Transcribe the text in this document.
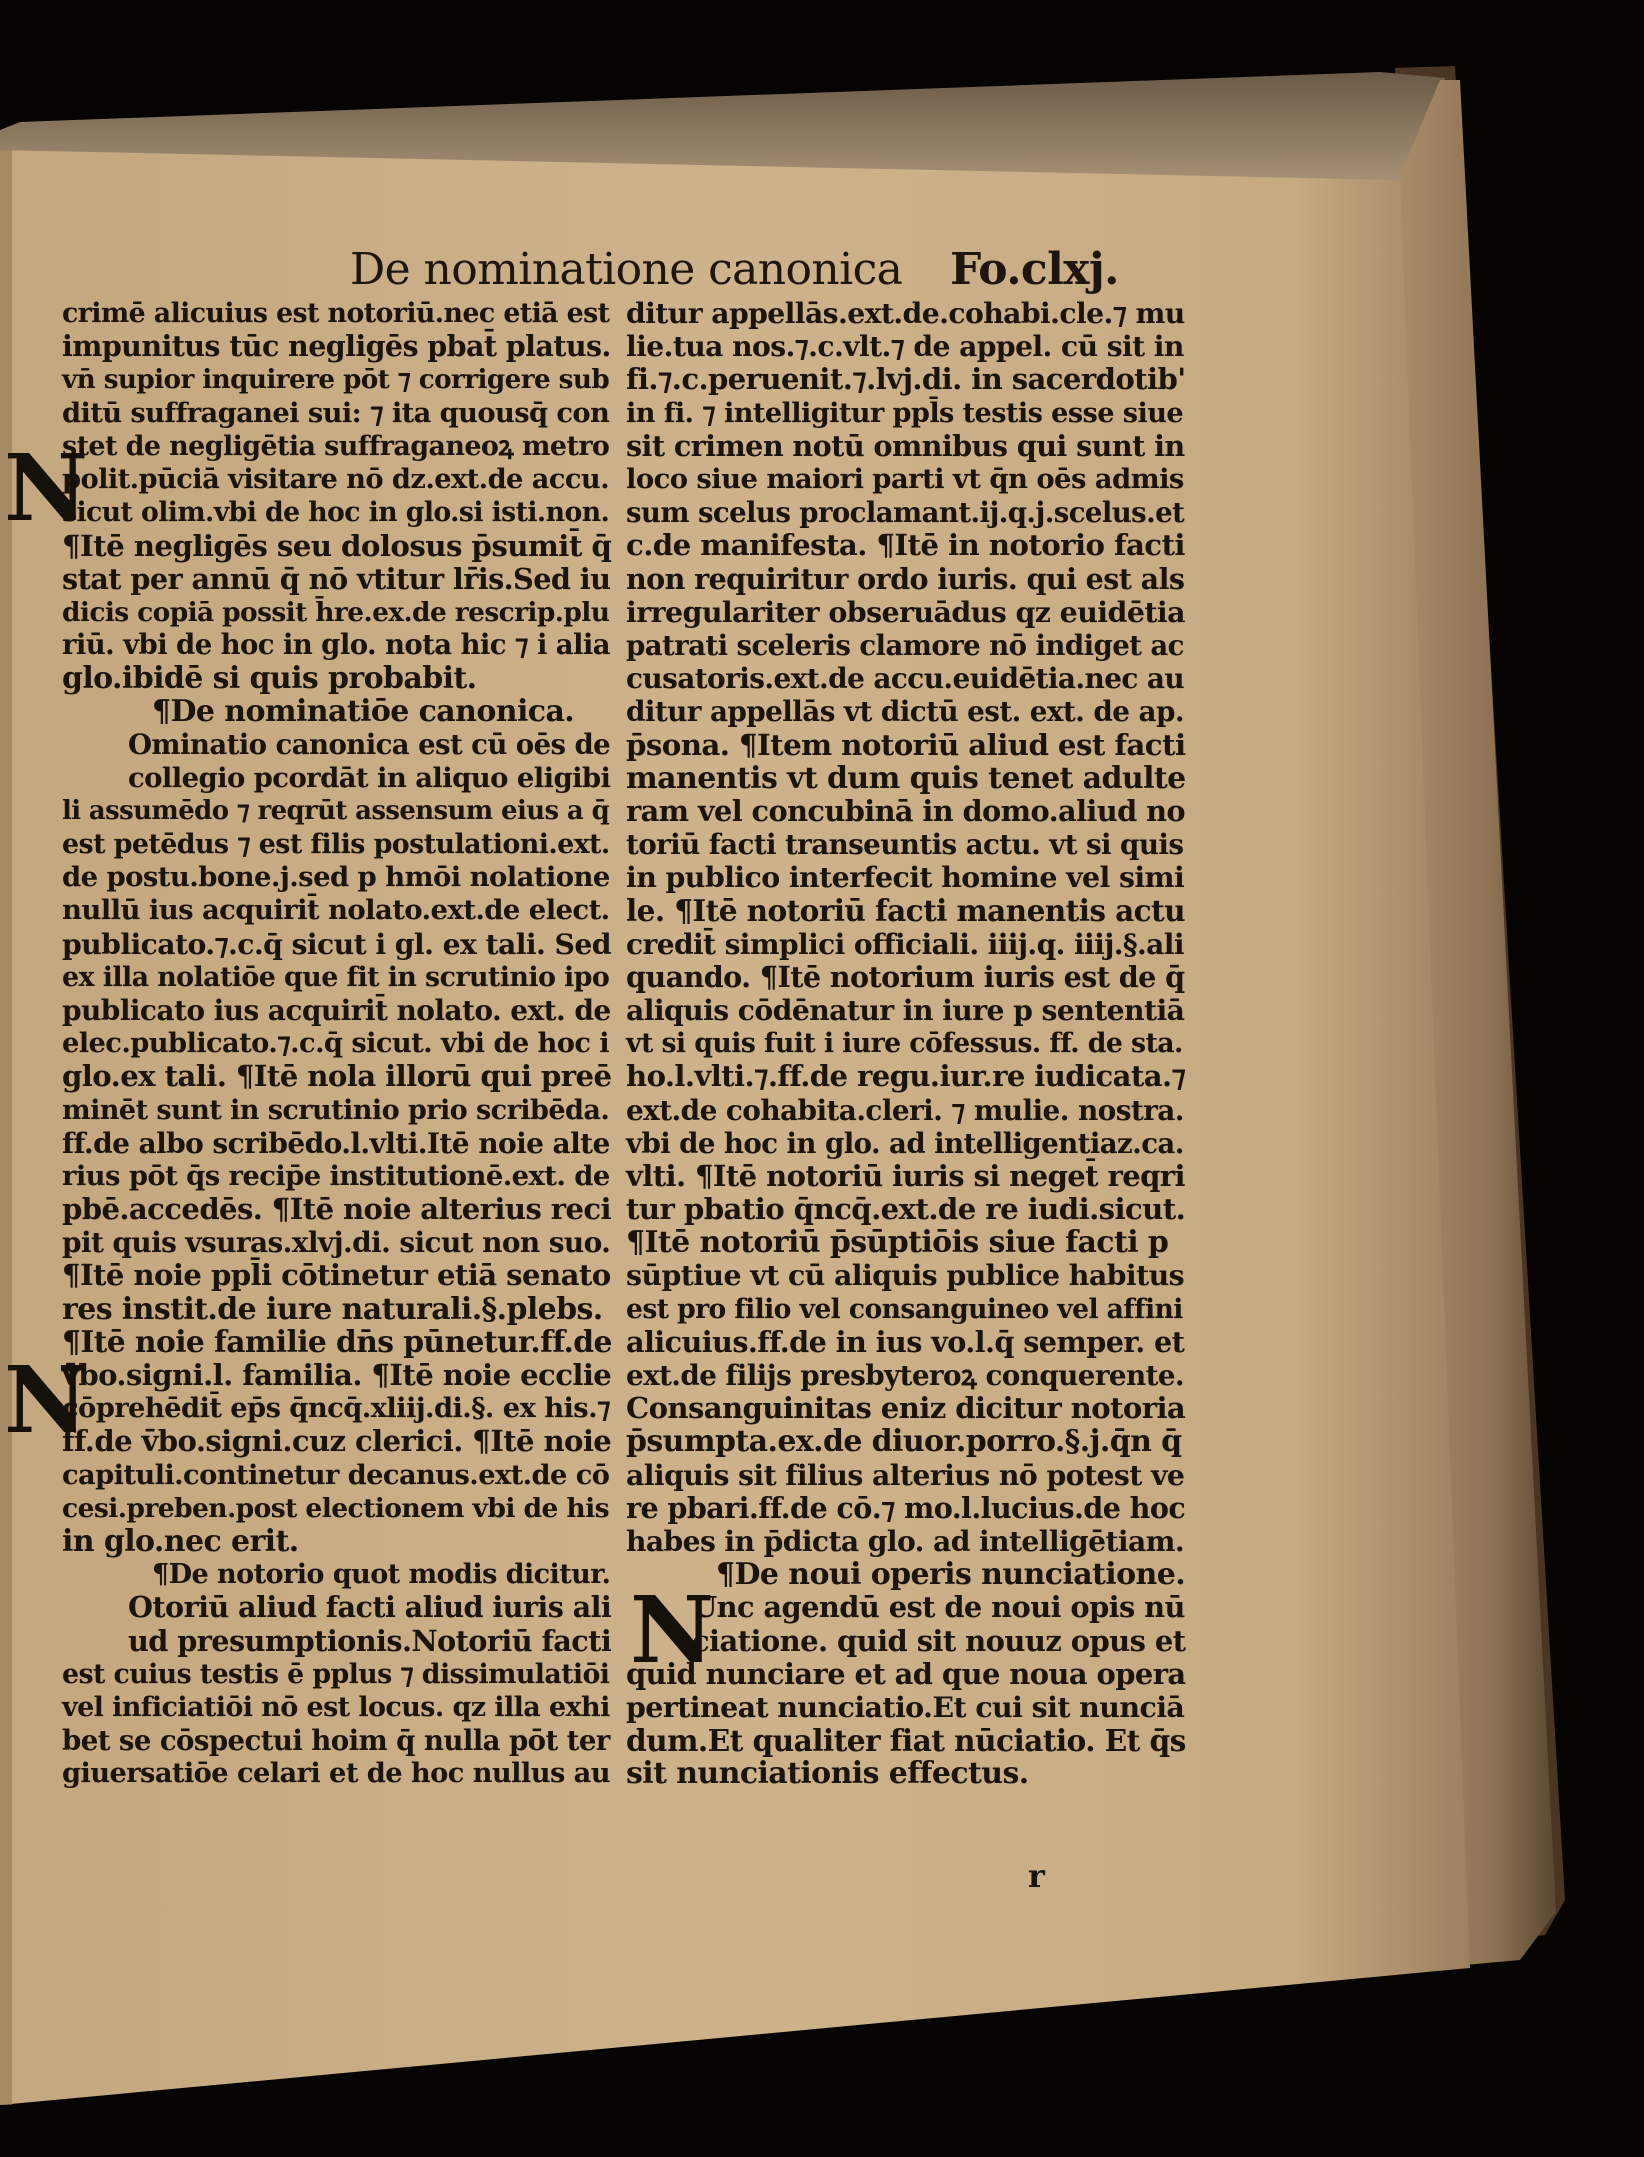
De nominatione canonica Fo.clxj.
crimē alicuius est notoriū.nec etiā est
impunitus tūc negligēs pbat̄ platus.
vn̄ supior inquirere pōt ⁊ corrigere sub
ditū suffraganei sui: ⁊ ita quousq̄ con
stet de negligētia suffraganeoꝝ metro
polit.pūciā visitare nō dz.ext.de accu.
sicut olim.vbi de hoc in glo.si isti.non.
¶Itē negligēs seu dolosus p̄sumit̄ q̄
stat per annū q̄ nō vtitur lr̄is.Sed iu
dicis copiā possit h̄re.ex.de rescrip.plu
riū. vbi de hoc in glo. nota hic ⁊ i alia
glo.ibidē si quis probabit.
¶De nominatiōe canonica.
Ominatio canonica est cū oēs de
collegio pcordāt in aliquo eligibi
li assumēdo ⁊ reqrūt assensum eius a q̄
est petēdus ⁊ est filis postulationi.ext.
de postu.bone.j.sed p hmōi nolatione
nullū ius acquirit̄ nolato.ext.de elect.
publicato.⁊.c.q̄ sicut i gl. ex tali. Sed
ex illa nolatiōe que fit in scrutinio ipo
publicato ius acquirit̄ nolato. ext. de
elec.publicato.⁊.c.q̄ sicut. vbi de hoc i
glo.ex tali. ¶Itē nola illorū qui preē
minēt sunt in scrutinio prio scribēda.
ff.de albo scribēdo.l.vlti.Itē noie alte
rius pōt q̄s recip̄e institutionē.ext. de
pbē.accedēs. ¶Itē noie alterius reci
pit quis vsuras.xlvj.di. sicut non suo.
¶Itē noie ppl̄i cōtinetur etiā senato
res instit.de iure naturali.§.plebs.
¶Itē noie familie dn̄s pūnetur.ff.de
v̄bo.signi.l. familia. ¶Itē noie ecclie
cōprehēdit̄ ep̄s q̄ncq̄.xliij.di.§. ex his.⁊
ff.de v̄bo.signi.cuz clerici. ¶Itē noie
capituli.continetur decanus.ext.de cō
cesi.preben.post electionem vbi de his
in glo.nec erit.
¶De notorio quot modis dicitur.
Otoriū aliud facti aliud iuris ali
ud presumptionis.Notoriū facti
est cuius testis ē pplus ⁊ dissimulatiōi
vel inficiatiōi nō est locus. qz illa exhi
bet se cōspectui hoim q̄ nulla pōt ter
giuersatiōe celari et de hoc nullus au
ditur appellās.ext.de.cohabi.cle.⁊ mu
lie.tua nos.⁊.c.vlt.⁊ de appel. cū sit in
fi.⁊.c.peruenit.⁊.lvj.di. in sacerdotib'
in fi. ⁊ intelligitur ppl̄s testis esse siue
sit crimen notū omnibus qui sunt in
loco siue maiori parti vt q̄n oēs admis
sum scelus proclamant.ij.q.j.scelus.et
c.de manifesta. ¶Itē in notorio facti
non requiritur ordo iuris. qui est als
irregulariter obseruādus qz euidētia
patrati sceleris clamore nō indiget ac
cusatoris.ext.de accu.euidētia.nec au
ditur appellās vt dictū est. ext. de ap.
p̄sona. ¶Item notoriū aliud est facti
manentis vt dum quis tenet adulte
ram vel concubinā in domo.aliud no
toriū facti transeuntis actu. vt si quis
in publico interfecit homine vel simi
le. ¶Itē notoriū facti manentis actu
credit̄ simplici officiali. iiij.q. iiij.§.ali
quando. ¶Itē notorium iuris est de q̄
aliquis cōdēnatur in iure p sententiā
vt si quis fuit i iure cōfessus. ff. de sta.
ho.l.vlti.⁊.ff.de regu.iur.re iudicata.⁊
ext.de cohabita.cleri. ⁊ mulie. nostra.
vbi de hoc in glo. ad intelligentiaz.ca.
vlti. ¶Itē notoriū iuris si neget̄ reqri
tur pbatio q̄ncq̄.ext.de re iudi.sicut.
¶Itē notoriū p̄sūptiōis siue facti p
sūptiue vt cū aliquis publice habitus
est pro filio vel consanguineo vel affini
alicuius.ff.de in ius vo.l.q̄ semper. et
ext.de filijs presbyteroꝝ conquerente.
Consanguinitas eniz dicitur notoria
p̄sumpta.ex.de diuor.porro.§.j.q̄n q̄
aliquis sit filius alterius nō potest ve
re pbari.ff.de cō.⁊ mo.l.lucius.de hoc
habes in p̄dicta glo. ad intelligētiam.
¶De noui operis nunciatione.
Unc agendū est de noui opis nū
ciatione. quid sit nouuz opus et
quid nunciare et ad que noua opera
pertineat nunciatio.Et cui sit nunciā
dum.Et qualiter fiat nūciatio. Et q̄s
sit nunciationis effectus.
N
N
N
r
